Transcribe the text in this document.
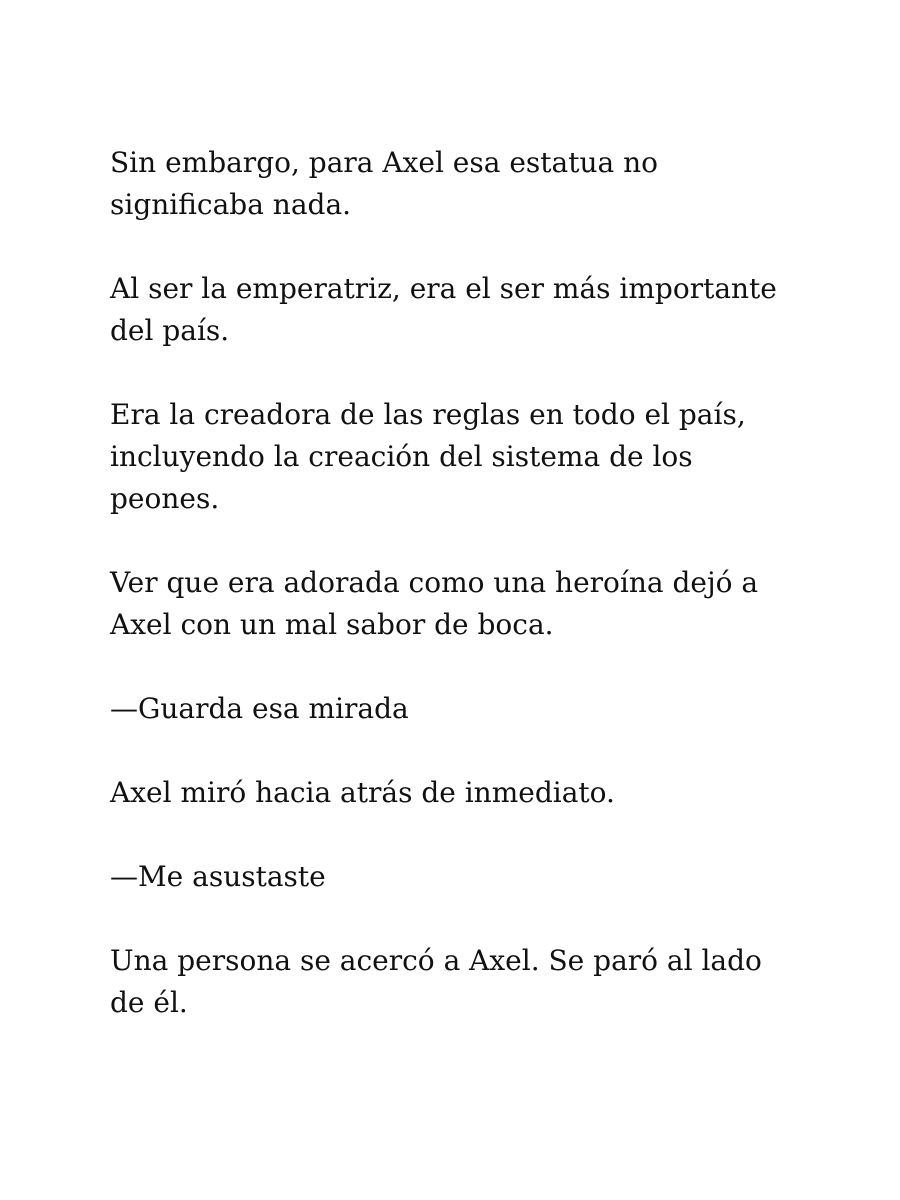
Sin embargo, para Axel esa estatua no significaba nada.

Al ser la emperatriz, era el ser más importante del país.

Era la creadora de las reglas en todo el país, incluyendo la creación del sistema de los peones.

Ver que era adorada como una heroína dejó a Axel con un mal sabor de boca.

—Guarda esa mirada

Axel miró hacia atrás de inmediato.

—Me asustaste

Una persona se acercó a Axel. Se paró al lado de él.
